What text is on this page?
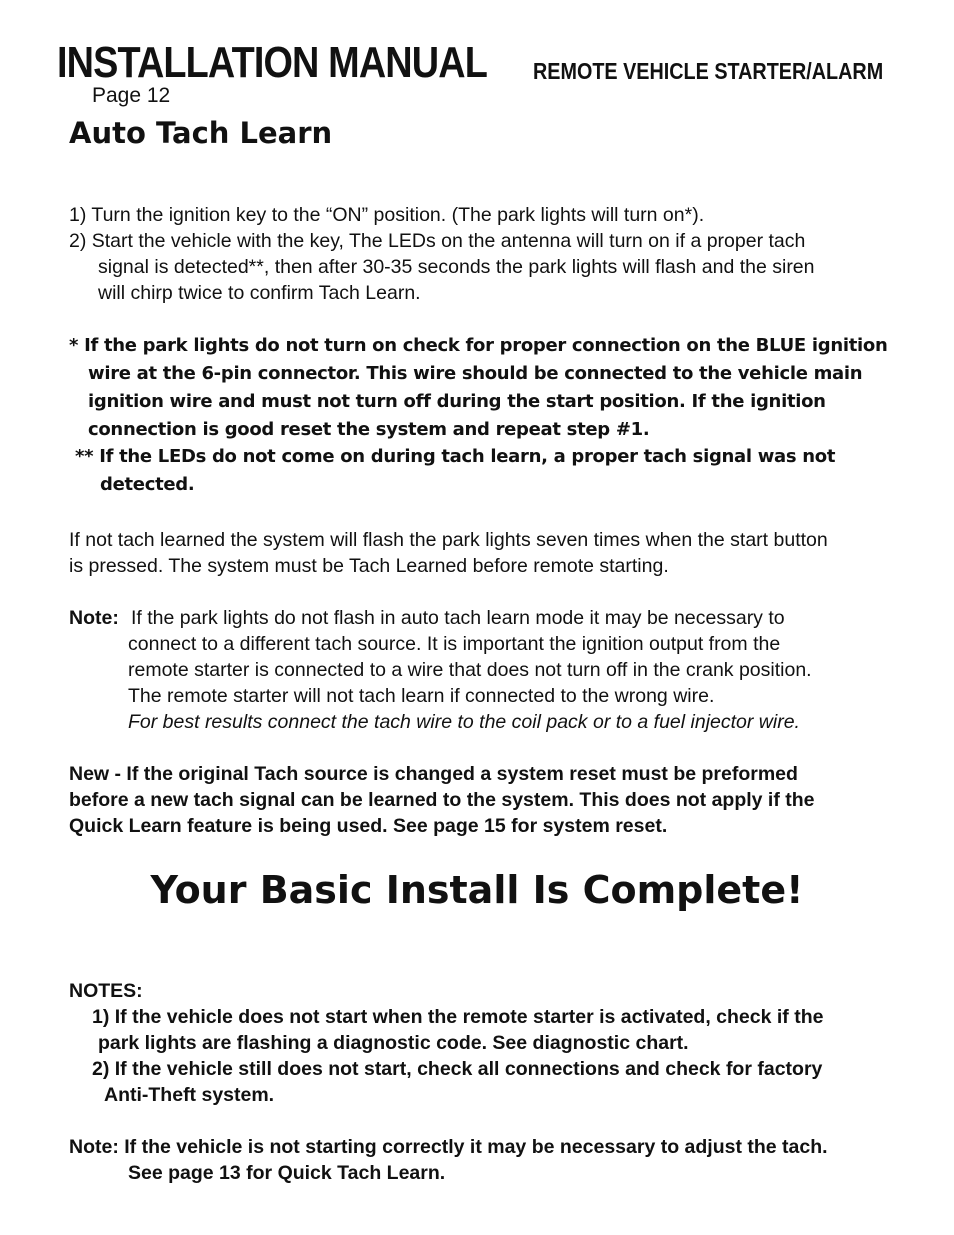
INSTALLATION MANUAL REMOTE VEHICLE STARTER/ALARM
Page 12
Auto Tach Learn
1) Turn the ignition key to the “ON” position. (The park lights will turn on*).
2) Start the vehicle with the key, The LEDs on the antenna will turn on if a proper tach
signal is detected**, then after 30-35 seconds the park lights will flash and the siren
will chirp twice to confirm Tach Learn.
* If the park lights do not turn on check for proper connection on the BLUE ignition
wire at the 6-pin connector. This wire should be connected to the vehicle main
ignition wire and must not turn off during the start position. If the ignition
connection is good reset the system and repeat step #1.
** If the LEDs do not come on during tach learn, a proper tach signal was not
detected.
If not tach learned the system will flash the park lights seven times when the start button
is pressed. The system must be Tach Learned before remote starting.
Note: If the park lights do not flash in auto tach learn mode it may be necessary to
connect to a different tach source. It is important the ignition output from the
remote starter is connected to a wire that does not turn off in the crank position.
The remote starter will not tach learn if connected to the wrong wire.
For best results connect the tach wire to the coil pack or to a fuel injector wire.
New - If the original Tach source is changed a system reset must be preformed
before a new tach signal can be learned to the system. This does not apply if the
Quick Learn feature is being used. See page 15 for system reset.
Your Basic Install Is Complete!
NOTES:
1) If the vehicle does not start when the remote starter is activated, check if the
park lights are flashing a diagnostic code. See diagnostic chart.
2) If the vehicle still does not start, check all connections and check for factory
Anti-Theft system.
Note: If the vehicle is not starting correctly it may be necessary to adjust the tach.
See page 13 for Quick Tach Learn.
